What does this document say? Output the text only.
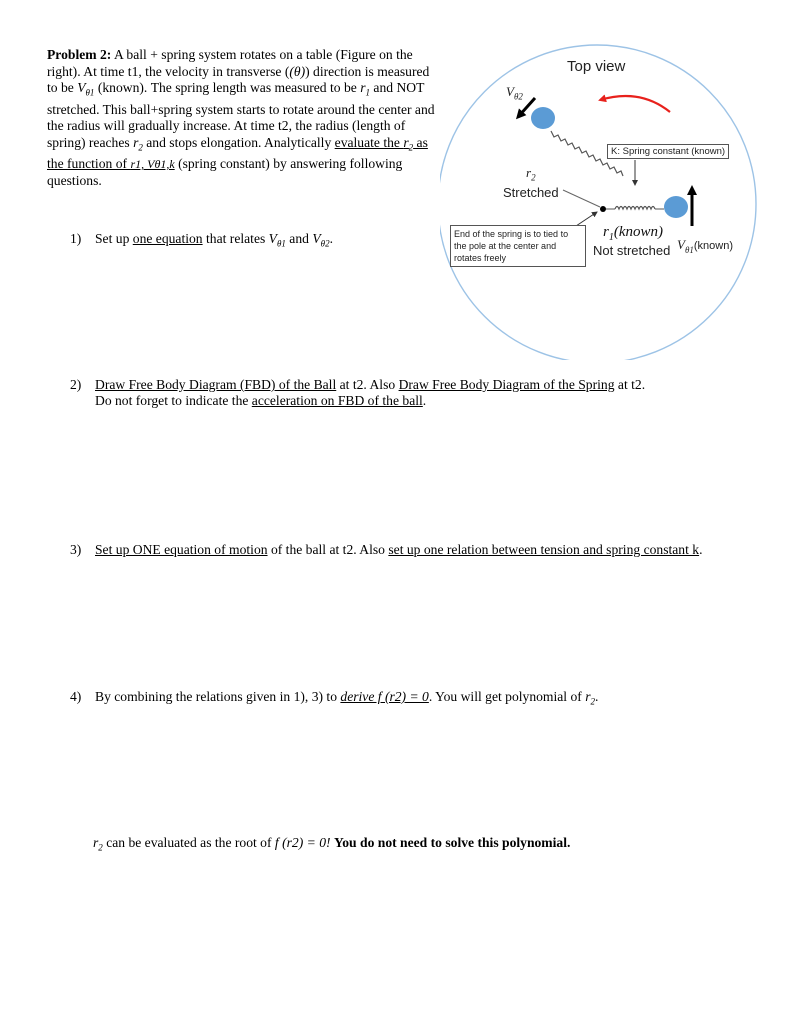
Problem 2: A ball + spring system rotates on a table (Figure on the right). At time t1, the velocity in transverse ((θ)) direction is measured to be $V_{\theta 1}$ (known). The spring length was measured to be $r_1$ and NOT stretched. This ball+spring system starts to rotate around the center and the radius will gradually increase. At time t2, the radius (length of spring) reaches $r_2$ and stops elongation. Analytically evaluate the $r_2$ as the function of r1, Vθ1,k (spring constant) by answering following questions.
1) Set up one equation that relates $V_{\theta 1}$ and $V_{\theta 2}$.
2) Draw Free Body Diagram (FBD) of the Ball at t2. Also Draw Free Body Diagram of the Spring at t2.
Do not forget to indicate the acceleration on FBD of the ball.
3) Set up ONE equation of motion of the ball at t2. Also set up one relation between tension and spring constant k.
4) By combining the relations given in 1), 3) to derive f (r2) = 0. You will get polynomial of $r_2$.
$r_2$ can be evaluated as the root of f (r2) = 0! You do not need to solve this polynomial.
Top view
$V_{\theta 2}$
$r_2$
Stretched
K: Spring constant (known)
End of the spring is to tied to the pole at the center and rotates freely
$r_1(known)$
Not stretched $V_{\theta 1}(known)$
